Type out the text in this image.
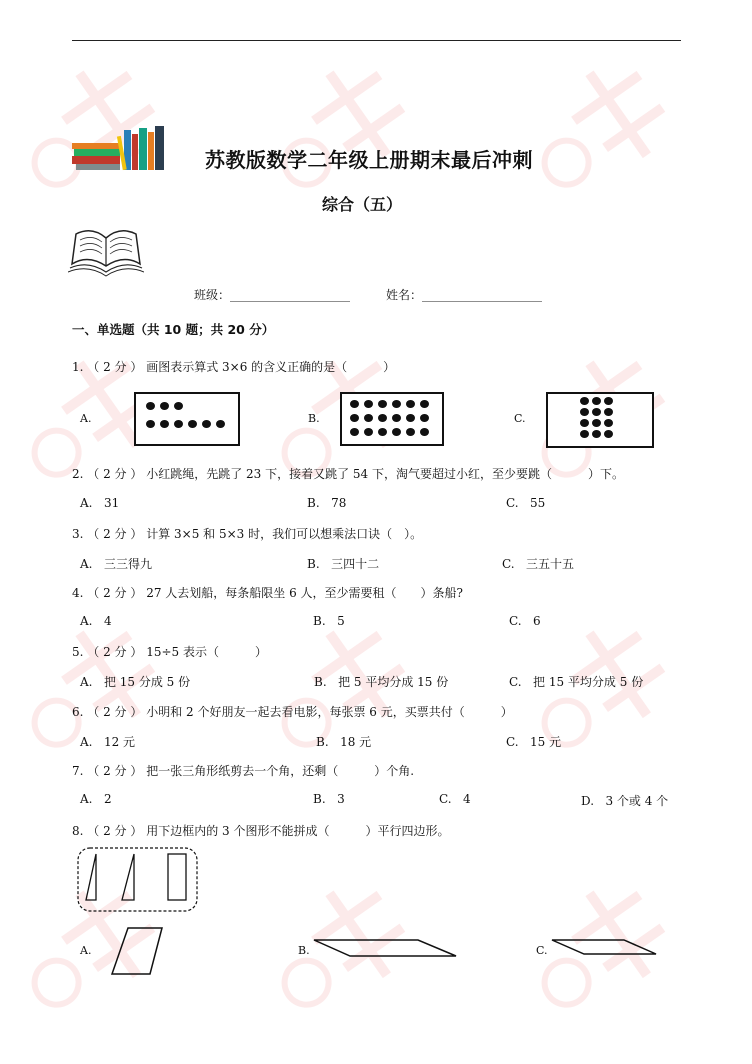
苏教版数学二年级上册期末最后冲刺
综合（五）
班级：____________________	姓名：____________________
一、单选题（共 10 题；共 20 分）
1. （ 2 分 ） 画图表示算式 3×6 的含义正确的是（　　　）
A.	B.	C.
2. （ 2 分 ） 小红跳绳，先跳了 23 下，接着又跳了 54 下，淘气要超过小红，至少要跳（　　　）下。
A. 31	B. 78	C. 55
3. （ 2 分 ） 计算 3×5 和 5×3 时，我们可以想乘法口诀（　）。
A. 三三得九	B. 三四十二	C. 三五十五
4. （ 2 分 ） 27 人去划船，每条船限坐 6 人，至少需要租（　　）条船?
A. 4	B. 5	C. 6
5. （ 2 分 ） 15÷5 表示（　　　）
A. 把 15 分成 5 份	B. 把 5 平均分成 15 份	C. 把 15 平均分成 5 份
6. （ 2 分 ） 小明和 2 个好朋友一起去看电影，每张票 6 元，买票共付（　　　）
A. 12 元	B. 18 元	C. 15 元
7. （ 2 分 ） 把一张三角形纸剪去一个角，还剩（　　　）个角.
A. 2	B. 3	C. 4	D. 3 个或 4 个
8. （ 2 分 ） 用下边框内的 3 个图形不能拼成（　　　）平行四边形。
A.	B.	C.
